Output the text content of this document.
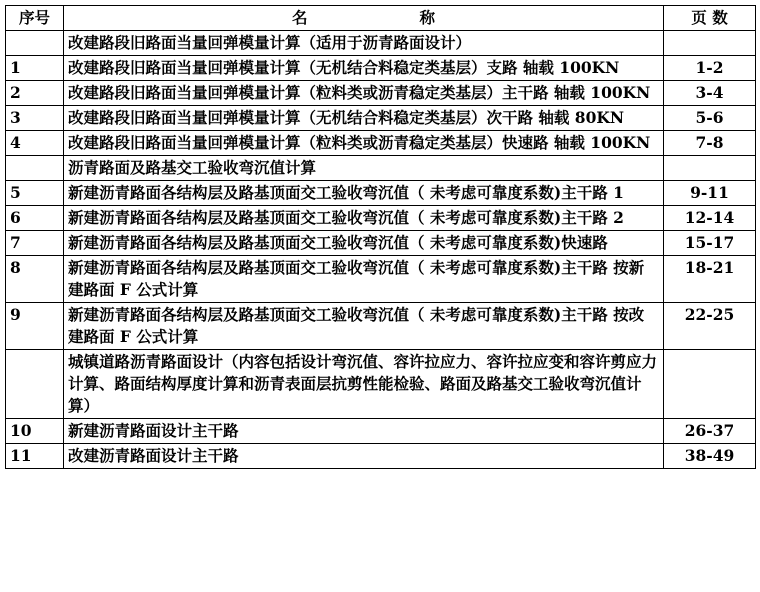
序号	名 称	页 数
	改建路段旧路面当量回弹模量计算（适用于沥青路面设计）	
1	改建路段旧路面当量回弹模量计算（无机结合料稳定类基层）支路 轴载 100KN	1-2
2	改建路段旧路面当量回弹模量计算（粒料类或沥青稳定类基层）主干路 轴载 100KN	3-4
3	改建路段旧路面当量回弹模量计算（无机结合料稳定类基层）次干路 轴载 80KN	5-6
4	改建路段旧路面当量回弹模量计算（粒料类或沥青稳定类基层）快速路 轴载 100KN	7-8
	沥青路面及路基交工验收弯沉值计算	
5	新建沥青路面各结构层及路基顶面交工验收弯沉值（ 未考虑可靠度系数)主干路 1	9-11
6	新建沥青路面各结构层及路基顶面交工验收弯沉值（ 未考虑可靠度系数)主干路 2	12-14
7	新建沥青路面各结构层及路基顶面交工验收弯沉值（ 未考虑可靠度系数)快速路	15-17
8	新建沥青路面各结构层及路基顶面交工验收弯沉值（ 未考虑可靠度系数)主干路 按新建路面 F 公式计算	18-21
9	新建沥青路面各结构层及路基顶面交工验收弯沉值（ 未考虑可靠度系数)主干路 按改建路面 F 公式计算	22-25
	城镇道路沥青路面设计（内容包括设计弯沉值、容许拉应力、容许拉应变和容许剪应力计算、路面结构厚度计算和沥青表面层抗剪性能检验、路面及路基交工验收弯沉值计算）	
10	新建沥青路面设计主干路	26-37
11	改建沥青路面设计主干路	38-49
